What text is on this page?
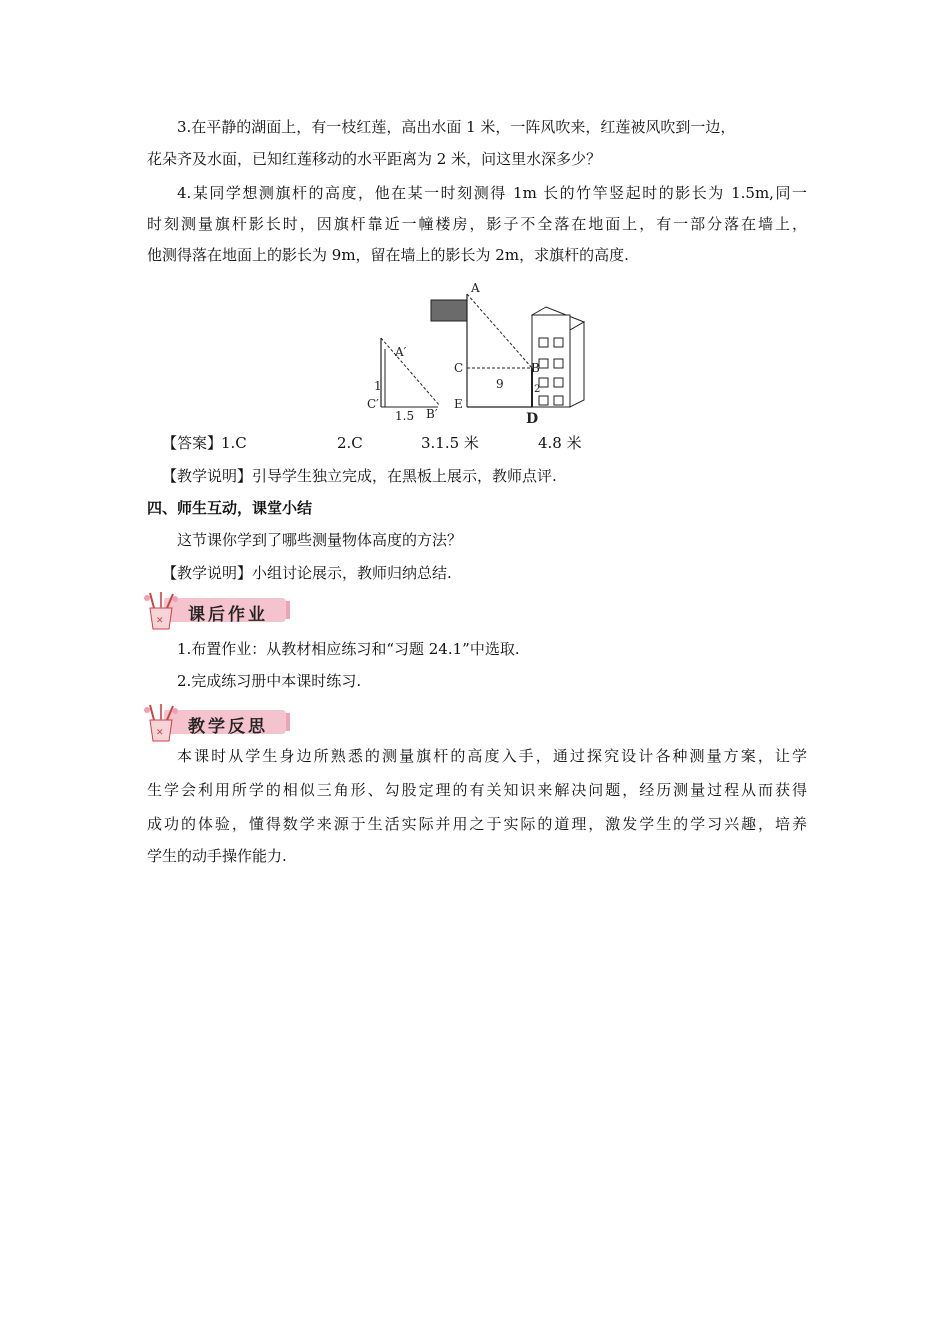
3.在平静的湖面上，有一枝红莲，高出水面 1 米，一阵风吹来，红莲被风吹到一边，
花朵齐及水面，已知红莲移动的水平距离为 2 米，问这里水深多少？
4.某同学想测旗杆的高度，他在某一时刻测得 1m 长的竹竿竖起时的影长为 1.5m,同一
时刻测量旗杆影长时，因旗杆靠近一幢楼房，影子不全落在地面上，有一部分落在墙上，
他测得落在地面上的影长为 9m，留在墙上的影长为 2m，求旗杆的高度.
A′
C′
B′
1
1.5
A
C
E
B
D
9	2
【答案】
1.C	2.C	3.1.5 米	4.8 米
【教学说明】引导学生独立完成，在黑板上展示，教师点评.
四、师生互动，课堂小结
这节课你学到了哪些测量物体高度的方法？
【教学说明】小组讨论展示，教师归纳总结.
✕ 课后作业
1.布置作业：从教材相应练习和“习题 24.1”中选取.
2.完成练习册中本课时练习.
✕ 教学反思
本课时从学生身边所熟悉的测量旗杆的高度入手，通过探究设计各种测量方案，让学
生学会利用所学的相似三角形、勾股定理的有关知识来解决问题，经历测量过程从而获得
成功的体验，懂得数学来源于生活实际并用之于实际的道理，激发学生的学习兴趣，培养
学生的动手操作能力.
